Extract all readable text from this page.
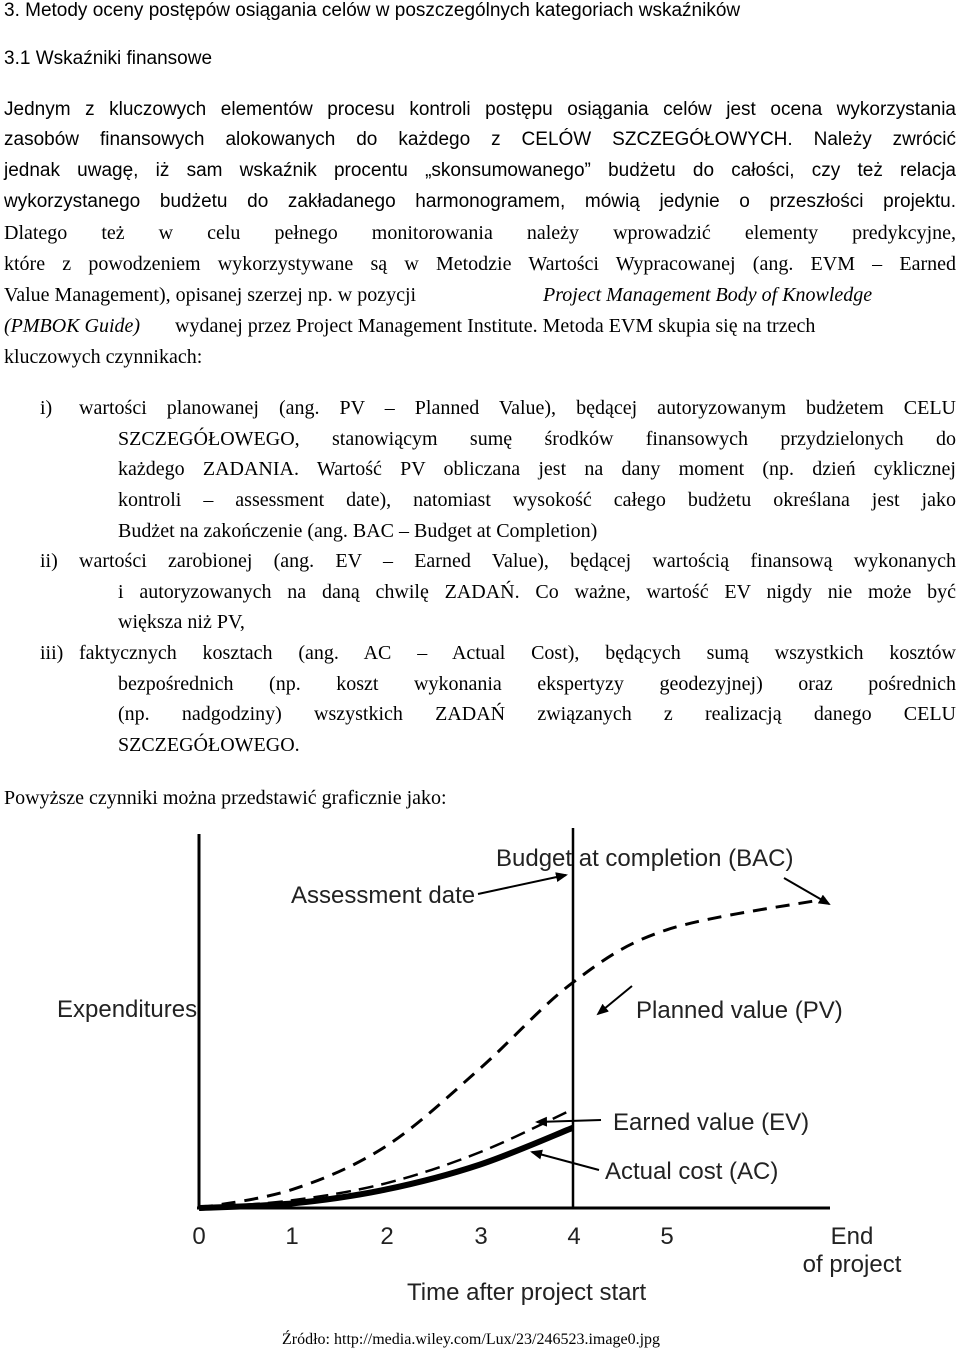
3. Metody oceny postępów osiągania celów w poszczególnych kategoriach wskaźników
3.1 Wskaźniki finansowe
Jednym z kluczowych elementów procesu kontroli postępu osiągania celów jest ocena wykorzystania
zasobów finansowych alokowanych do każdego z CELÓW SZCZEGÓŁOWYCH. Należy zwrócić
jednak uwagę, iż sam wskaźnik procentu „skonsumowanego” budżetu do całości, czy też relacja
wykorzystanego budżetu do zakładanego harmonogramem, mówią jedynie o przeszłości projektu.
Dlatego też w celu pełnego monitorowania należy wprowadzić elementy predykcyjne,
które z powodzeniem wykorzystywane są w Metodzie Wartości Wypracowanej (ang. EVM – Earned
Value Management), opisanej szerzej np. w pozycji	Project Management Body of Knowledge
(PMBOK Guide) wydanej przez Project Management Institute. Metoda EVM skupia się na trzech
kluczowych czynnikach:
i) wartości planowanej (ang. PV – Planned Value), będącej autoryzowanym budżetem CELU
SZCZEGÓŁOWEGO, stanowiącym sumę środków finansowych przydzielonych do
każdego ZADANIA. Wartość PV obliczana jest na dany moment (np. dzień cyklicznej
kontroli – assessment date), natomiast wysokość całego budżetu określana jest jako
Budżet na zakończenie (ang. BAC – Budget at Completion)
ii) wartości zarobionej (ang. EV – Earned Value), będącej wartością finansową wykonanych
i autoryzowanych na daną chwilę ZADAŃ. Co ważne, wartość EV nigdy nie może być
większa niż PV,
iii) faktycznych kosztach (ang. AC – Actual Cost), będących sumą wszystkich kosztów
bezpośrednich (np. koszt wykonania ekspertyzy geodezyjnej) oraz pośrednich
(np. nadgodziny) wszystkich ZADAŃ związanych z realizacją danego CELU
SZCZEGÓŁOWEGO.
Powyższe czynniki można przedstawić graficznie jako:
Budget at completion (BAC)
Assessment date
Expenditures	Planned value (PV)
Earned value (EV)
Actual cost (AC)
0	1	2	3	4	5	End
of project
Time after project start
Źródło: http://media.wiley.com/Lux/23/246523.image0.jpg
